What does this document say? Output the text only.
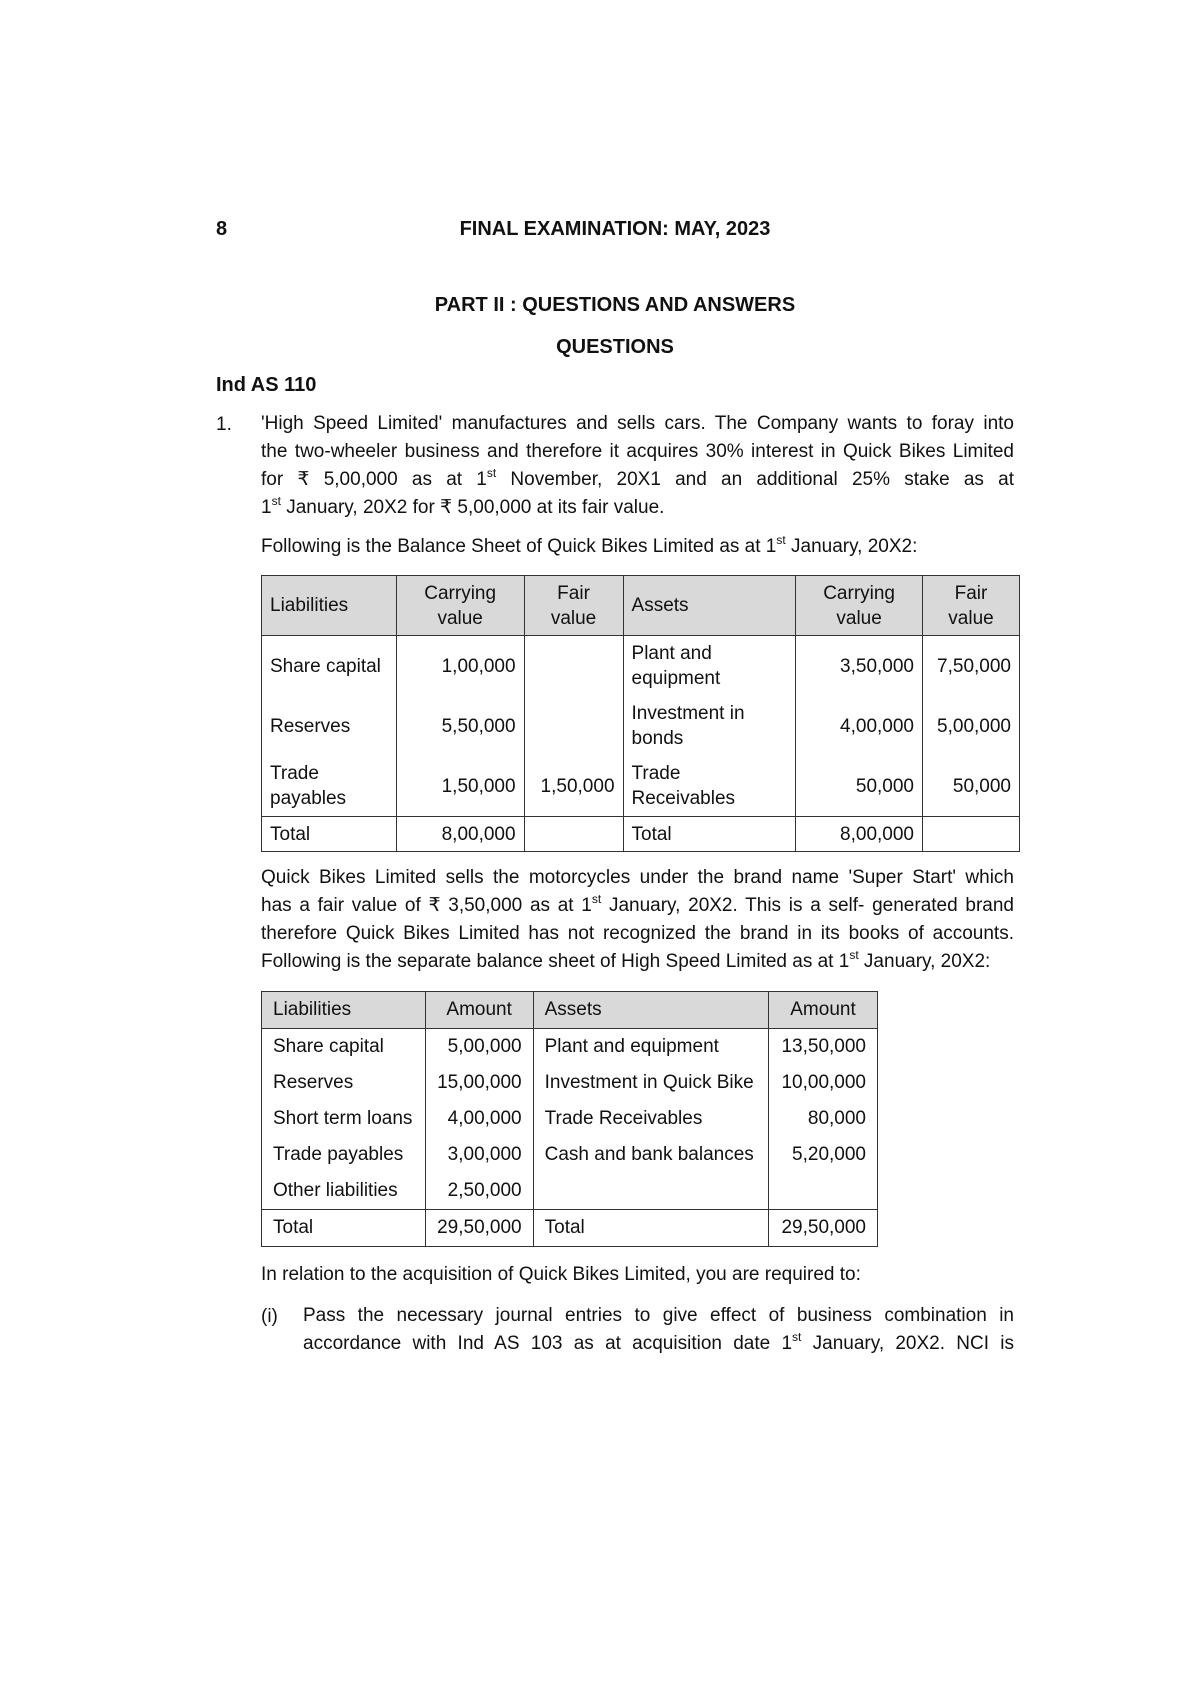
8	FINAL EXAMINATION: MAY, 2023
PART II : QUESTIONS AND ANSWERS
QUESTIONS
Ind AS 110
1. 'High Speed Limited' manufactures and sells cars. The Company wants to foray into
the two-wheeler business and therefore it acquires 30% interest in Quick Bikes Limited
for ₹ 5,00,000 as at 1st November, 20X1 and an additional 25% stake as at
1st January, 20X2 for ₹ 5,00,000 at its fair value.
Following is the Balance Sheet of Quick Bikes Limited as at 1st January, 20X2:
Liabilities	Carrying value	Fair value	Assets	Carrying value	Fair value
Share capital	1,00,000		Plant and equipment	3,50,000	7,50,000
Reserves	5,50,000		Investment in bonds	4,00,000	5,00,000
Trade payables	1,50,000	1,50,000	Trade Receivables	50,000	50,000
Total	8,00,000		Total	8,00,000	
Quick Bikes Limited sells the motorcycles under the brand name 'Super Start' which
has a fair value of ₹ 3,50,000 as at 1st January, 20X2. This is a self- generated brand
therefore Quick Bikes Limited has not recognized the brand in its books of accounts.
Following is the separate balance sheet of High Speed Limited as at 1st January, 20X2:
Liabilities	Amount	Assets	Amount
Share capital	5,00,000	Plant and equipment	13,50,000
Reserves	15,00,000	Investment in Quick Bike	10,00,000
Short term loans	4,00,000	Trade Receivables	80,000
Trade payables	3,00,000	Cash and bank balances	5,20,000
Other liabilities	2,50,000		
Total	29,50,000	Total	29,50,000
In relation to the acquisition of Quick Bikes Limited, you are required to:
(i) Pass the necessary journal entries to give effect of business combination in
accordance with Ind AS 103 as at acquisition date 1st January, 20X2. NCI is
